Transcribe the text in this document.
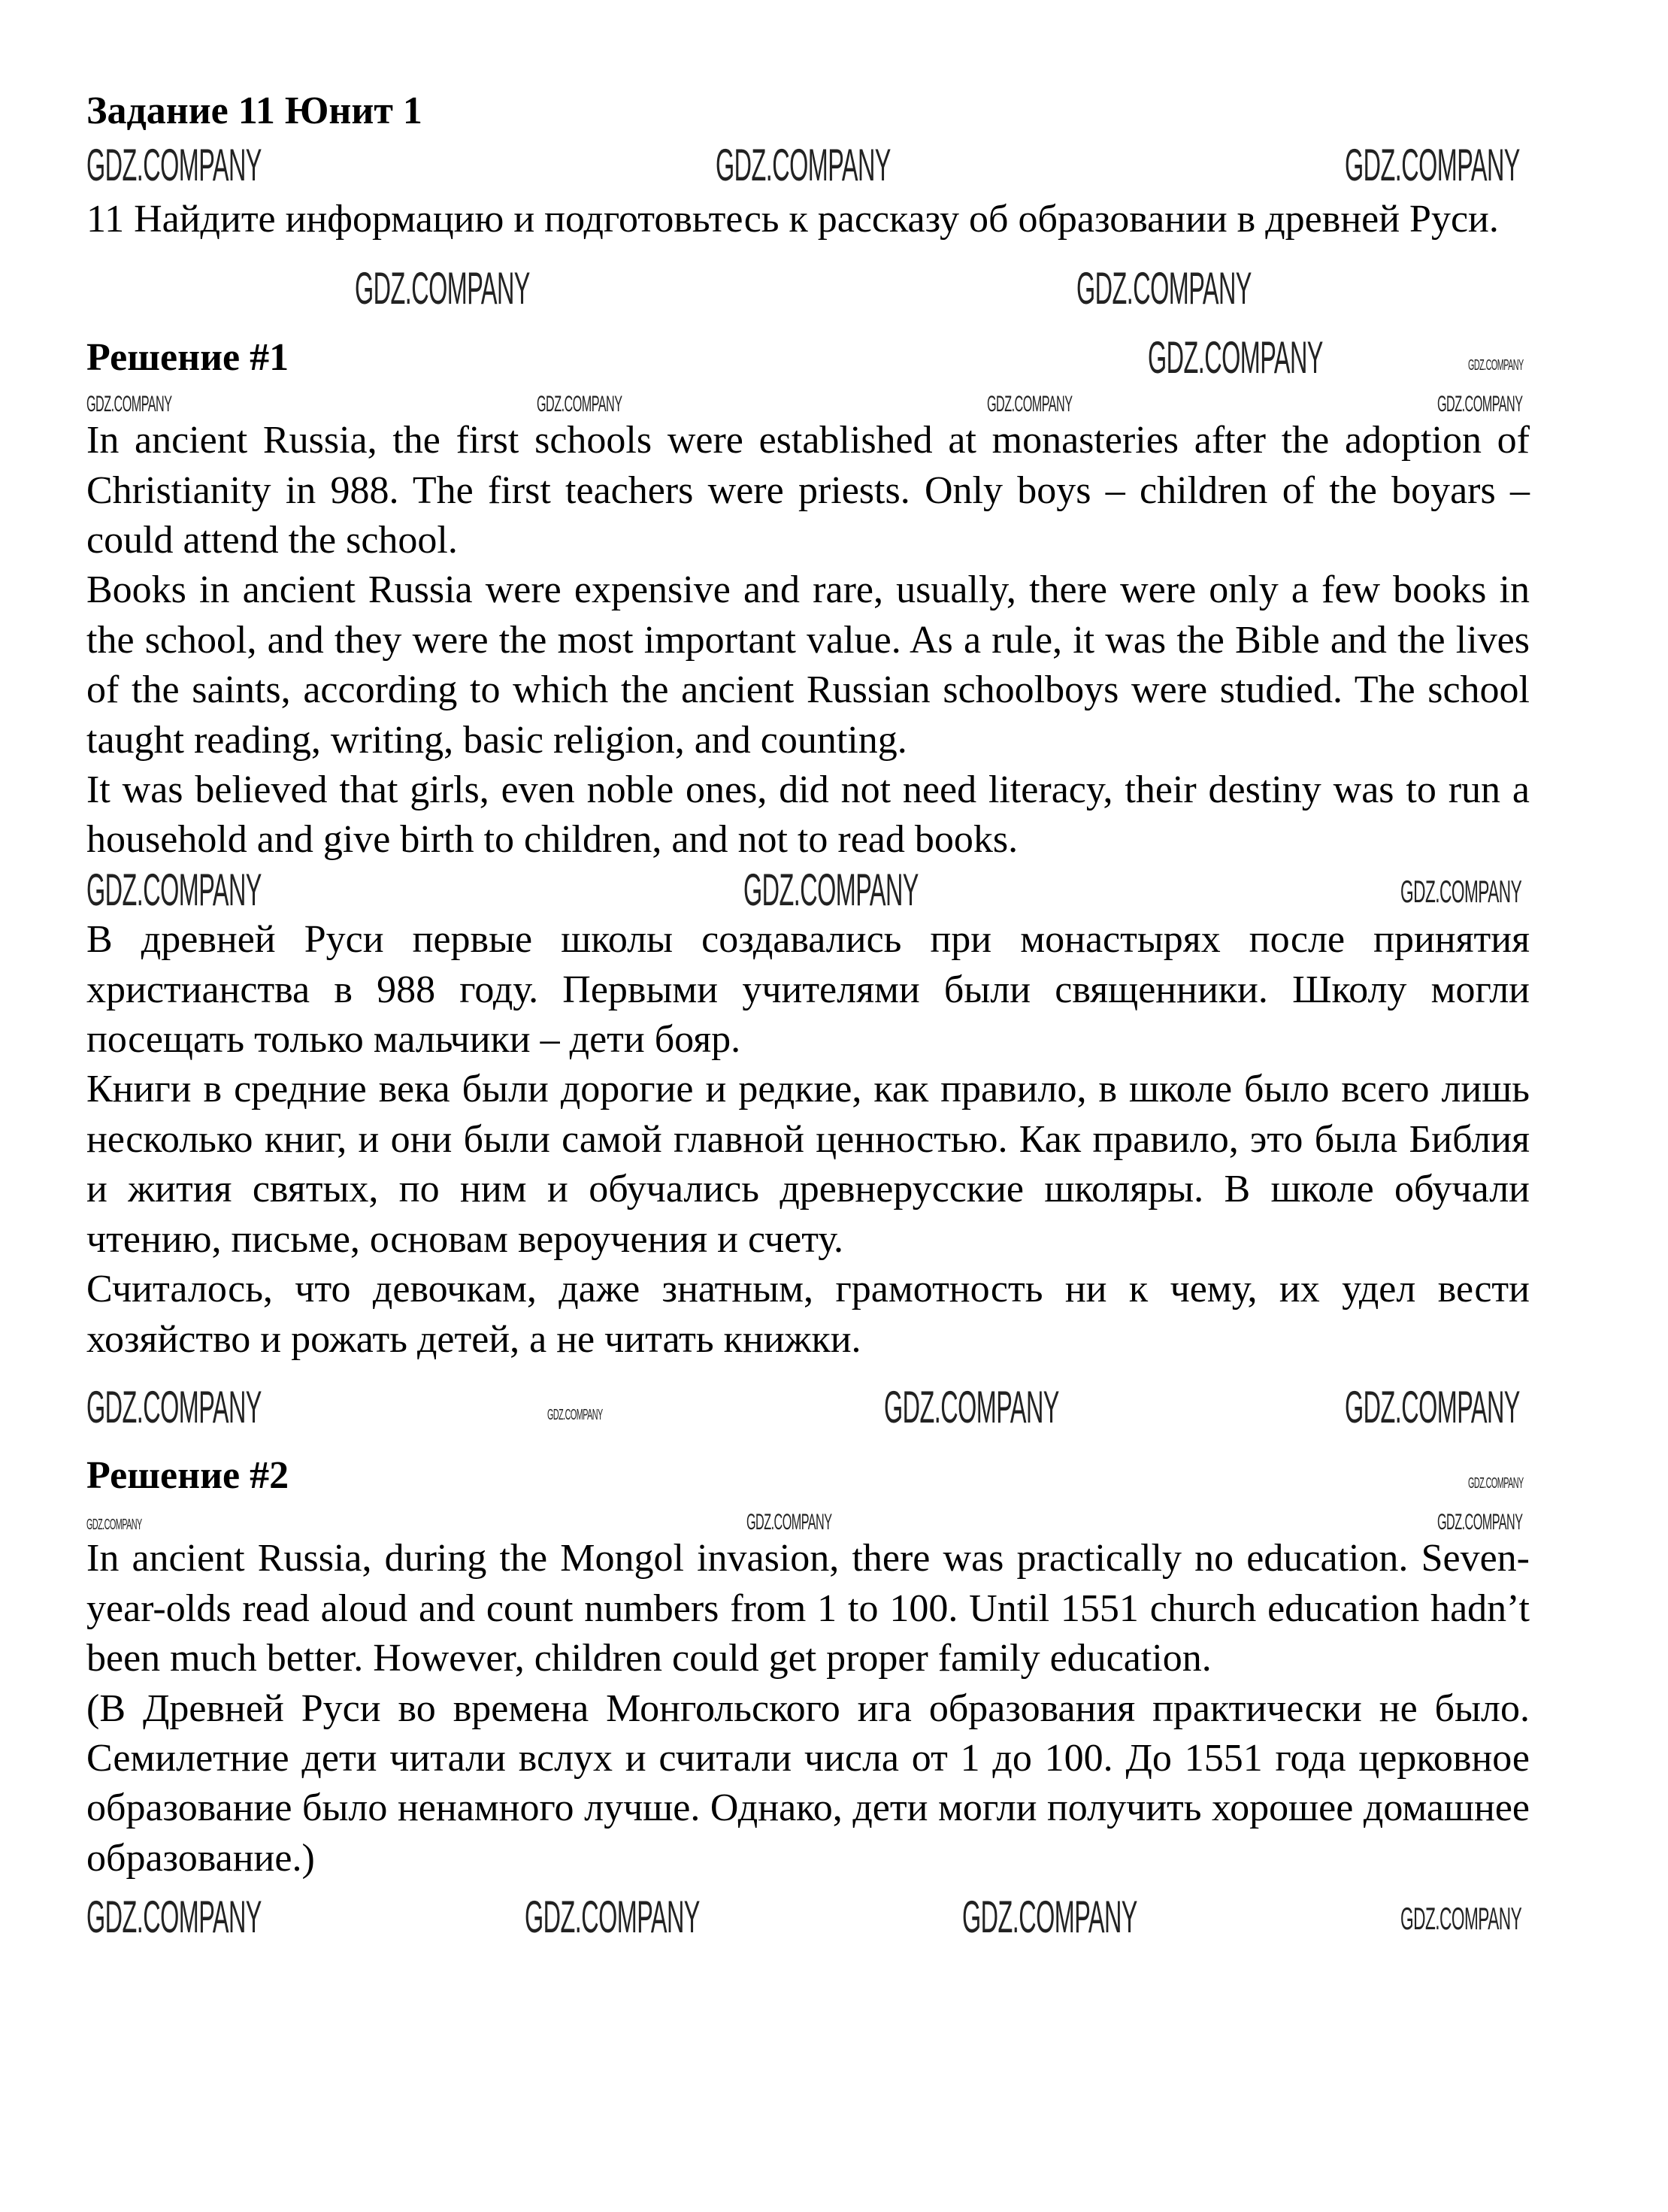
Задание 11 Юнит 1
GDZ.COMPANY	GDZ.COMPANY	GDZ.COMPANY

11 Найдите информацию и подготовьтесь к рассказу об образовании в древней Руси.

GDZ.COMPANY	GDZ.COMPANY
Решение #1	GDZ.COMPANY	GDZ.COMPANY
GDZ.COMPANY	GDZ.COMPANY	GDZ.COMPANY	GDZ.COMPANY

In ancient Russia, the first schools were established at monasteries after the adoption of Christianity in 988. The first teachers were priests. Only boys – children of the boyars – could attend the school.

Books in ancient Russia were expensive and rare, usually, there were only a few books in the school, and they were the most important value. As a rule, it was the Bible and the lives of the saints, according to which the ancient Russian schoolboys were studied. The school taught reading, writing, basic religion, and counting.

It was believed that girls, even noble ones, did not need literacy, their destiny was to run a household and give birth to children, and not to read books.

GDZ.COMPANY	GDZ.COMPANY	GDZ.COMPANY

В древней Руси первые школы создавались при монастырях после принятия христианства в 988 году. Первыми учителями были священники. Школу могли посещать только мальчики – дети бояр.

Книги в средние века были дорогие и редкие, как правило, в школе было всего лишь несколько книг, и они были самой главной ценностью. Как правило, это была Библия и жития святых, по ним и обучались древнерусские школяры. В школе обучали чтению, письме, основам вероучения и счету.

Считалось, что девочкам, даже знатным, грамотность ни к чему, их удел вести хозяйство и рожать детей, а не читать книжки.

GDZ.COMPANY	GDZ.COMPANY	GDZ.COMPANY	GDZ.COMPANY
Решение #2	GDZ.COMPANY
GDZ.COMPANY	GDZ.COMPANY	GDZ.COMPANY

In ancient Russia, during the Mongol invasion, there was practically no education. Seven-year-olds read aloud and count numbers from 1 to 100. Until 1551 church education hadn’t been much better. However, children could get proper family education.

(В Древней Руси во времена Монгольского ига образования практически не было. Семилетние дети читали вслух и считали числа от 1 до 100. До 1551 года церковное образование было ненамного лучше. Однако, дети могли получить хорошее домашнее образование.)

GDZ.COMPANY	GDZ.COMPANY	GDZ.COMPANY	GDZ.COMPANY
